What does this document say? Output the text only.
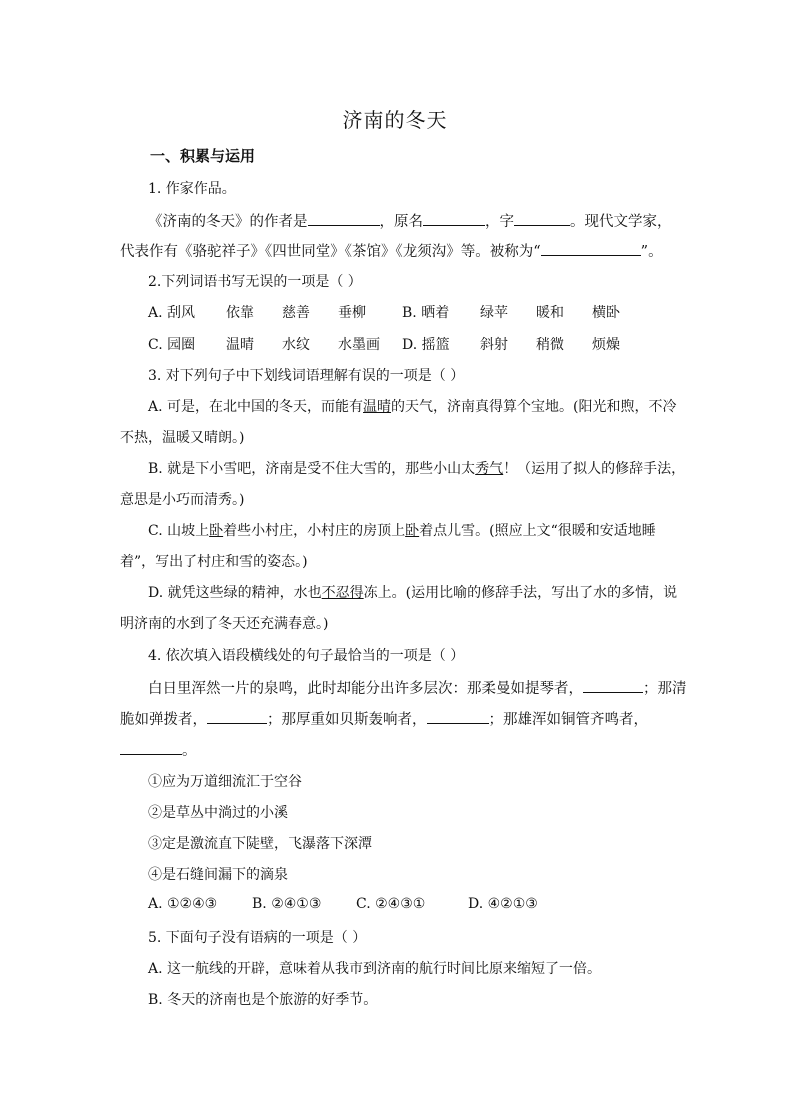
济南的冬天
一、积累与运用
1. 作家作品。
《济南的冬天》的作者是	，原名	，字	。现代文学家，
代表作有《骆驼祥子》《四世同堂》《茶馆》《龙须沟》等。被称为“	”。
2.下列词语书写无误的一项是（ ）
A. 刮风 依靠 慈善 垂柳	B. 晒着 绿苹 暖和 横卧
C. 园圈 温晴 水纹 水墨画 D. 摇篮 斜射 稍微 烦燥
3. 对下列句子中下划线词语理解有误的一项是（ ）
A. 可是，在北中国的冬天，而能有温晴的天气，济南真得算个宝地。(阳光和煦，不冷
不热，温暖又晴朗。)
B. 就是下小雪吧，济南是受不住大雪的，那些小山太秀气！（运用了拟人的修辞手法，
意思是小巧而清秀。)
C. 山坡上卧着些小村庄，小村庄的房顶上卧着点儿雪。(照应上文“很暖和安适地睡
着”，写出了村庄和雪的姿态。)
D. 就凭这些绿的精神，水也不忍得冻上。(运用比喻的修辞手法，写出了水的多情，说
明济南的水到了冬天还充满春意。)
4. 依次填入语段横线处的句子最恰当的一项是（ ）
白日里浑然一片的泉鸣，此时却能分出许多层次：那柔曼如提琴者，	；那清
脆如弹拨者，	；那厚重如贝斯轰响者，	；那雄浑如铜管齐鸣者，
。
①应为万道细流汇于空谷
②是草丛中淌过的小溪
③定是激流直下陡壁，飞瀑落下深潭
④是石缝间漏下的滴泉
A. ①②④③ B. ②④①③ C. ②④③①	D. ④②①③
5. 下面句子没有语病的一项是（ ）
A. 这一航线的开辟，意味着从我市到济南的航行时间比原来缩短了一倍。
B. 冬天的济南也是个旅游的好季节。
